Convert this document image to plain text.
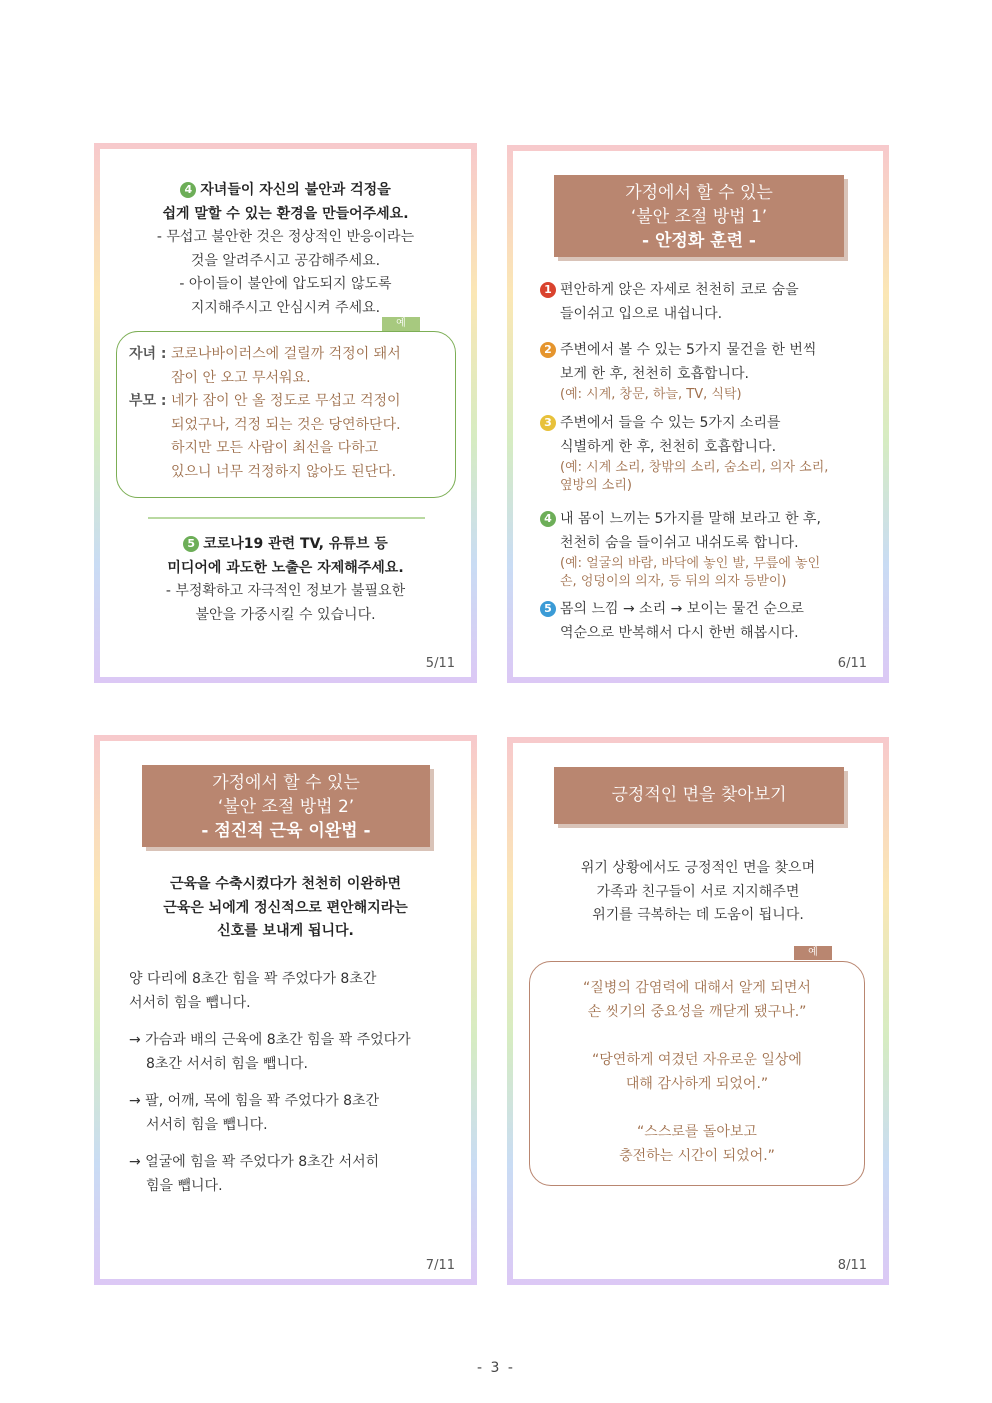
4 자녀들이 자신의 불안과 걱정을
쉽게 말할 수 있는 환경을 만들어주세요.
- 무섭고 불안한 것은 정상적인 반응이라는
것을 알려주시고 공감해주세요.
- 아이들이 불안에 압도되지 않도록
지지해주시고 안심시켜 주세요.
예
자녀 : 코로나바이러스에 걸릴까 걱정이 돼서
잠이 안 오고 무서워요.
부모 : 네가 잠이 안 올 정도로 무섭고 걱정이
되었구나, 걱정 되는 것은 당연하단다.
하지만 모든 사람이 최선을 다하고
있으니 너무 걱정하지 않아도 된단다.
5 코로나19 관련 TV, 유튜브 등
미디어에 과도한 노출은 자제해주세요.
- 부정확하고 자극적인 정보가 불필요한
불안을 가중시킬 수 있습니다.
5/11
가정에서 할 수 있는
‘불안 조절 방법 1’
- 안정화 훈련 -
1 편안하게 앉은 자세로 천천히 코로 숨을
들이쉬고 입으로 내쉽니다.
2 주변에서 볼 수 있는 5가지 물건을 한 번씩
보게 한 후, 천천히 호흡합니다.
(예: 시계, 창문, 하늘, TV, 식탁)
3 주변에서 들을 수 있는 5가지 소리를
식별하게 한 후, 천천히 호흡합니다.
(예: 시계 소리, 창밖의 소리, 숨소리, 의자 소리,
옆방의 소리)
4 내 몸이 느끼는 5가지를 말해 보라고 한 후,
천천히 숨을 들이쉬고 내쉬도록 합니다.
(예: 얼굴의 바람, 바닥에 놓인 발, 무릎에 놓인
손, 엉덩이의 의자, 등 뒤의 의자 등받이)
5 몸의 느낌 → 소리 → 보이는 물건 순으로
역순으로 반복해서 다시 한번 해봅시다.
6/11
가정에서 할 수 있는
‘불안 조절 방법 2’
- 점진적 근육 이완법 -
근육을 수축시켰다가 천천히 이완하면
근육은 뇌에게 정신적으로 편안해지라는
신호를 보내게 됩니다.
양 다리에 8초간 힘을 꽉 주었다가 8초간
서서히 힘을 뺍니다.
→ 가슴과 배의 근육에 8초간 힘을 꽉 주었다가
8초간 서서히 힘을 뺍니다.
→ 팔, 어깨, 목에 힘을 꽉 주었다가 8초간
서서히 힘을 뺍니다.
→ 얼굴에 힘을 꽉 주었다가 8초간 서서히
힘을 뺍니다.
7/11
긍정적인 면을 찾아보기
위기 상황에서도 긍정적인 면을 찾으며
가족과 친구들이 서로 지지해주면
위기를 극복하는 데 도움이 됩니다.
예
“질병의 감염력에 대해서 알게 되면서
손 씻기의 중요성을 깨닫게 됐구나.”
“당연하게 여겼던 자유로운 일상에
대해 감사하게 되었어.”
“스스로를 돌아보고
충전하는 시간이 되었어.”
8/11
- 3 -
